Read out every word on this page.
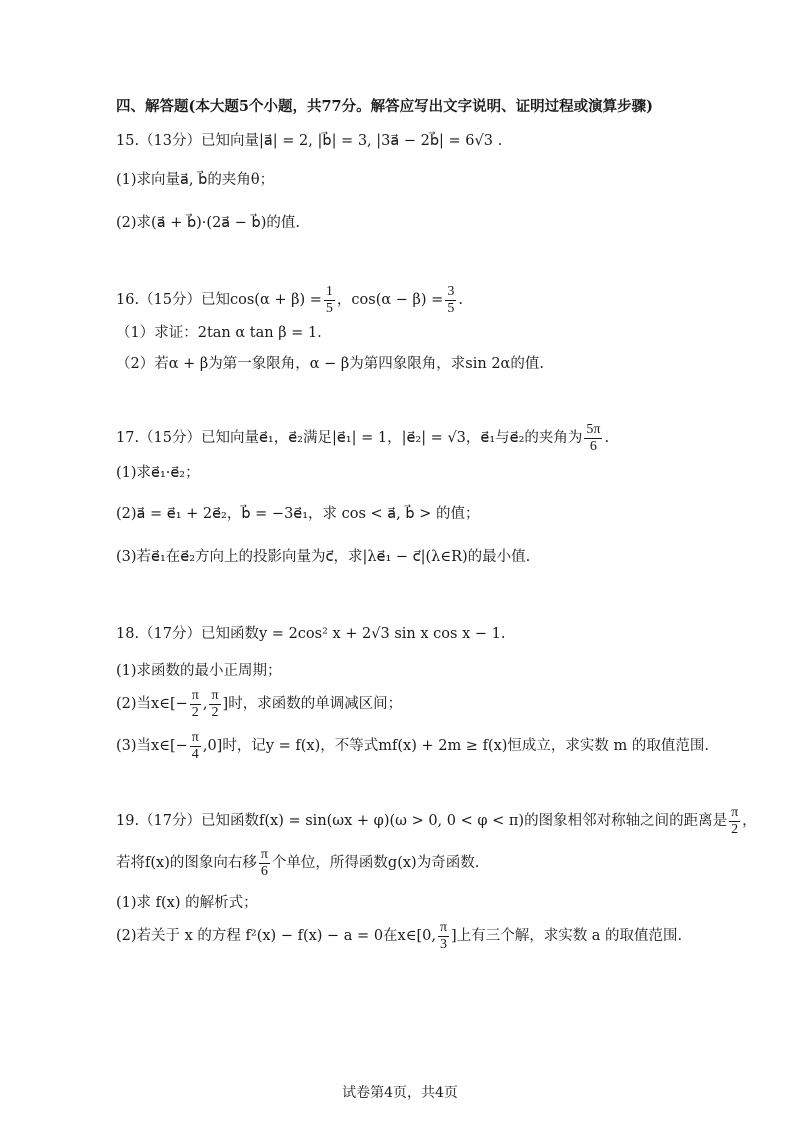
四、解答题(本大题5个小题，共77分。解答应写出文字说明、证明过程或演算步骤)
15.（13分）已知向量|a⃗| = 2, |b⃗| = 3, |3a⃗ − 2b⃗| = 6√3 .
(1)求向量a⃗, b⃗的夹角θ；
(2)求(a⃗ + b⃗)·(2a⃗ − b⃗)的值.
16.（15分）已知$\cos(\alpha + \beta) = \frac{1}{5}$ ，$\cos(\alpha - \beta) = \frac{3}{5}$ .
（1）求证：2tan α tan β = 1.
（2）若α + β为第一象限角，α − β为第四象限角，求sin 2α的值.
17.（15分）已知向量e⃗₁，e⃗₂满足|e⃗₁| = 1，|e⃗₂| = √3，e⃗₁与e⃗₂的夹角为 $\frac{5\pi}{6}$ .
(1)求e⃗₁·e⃗₂；
(2)a⃗ = e⃗₁ + 2e⃗₂，b⃗ = −3e⃗₁，求 cos < a⃗, b⃗ > 的值；
(3)若e⃗₁在e⃗₂方向上的投影向量为c⃗，求|λe⃗₁ − c⃗|(λ∈R)的最小值.
18.（17分）已知函数y = 2cos² x + 2√3 sin x cos x − 1.
(1)求函数的最小正周期；
(2)当x∈[− $\frac{\pi}{2}$ , $\frac{\pi}{2}$ ]时，求函数的单调减区间；
(3)当x∈[− $\frac{\pi}{4} ,0$]时，记y = f(x)，不等式mf(x) + 2m ≥ f(x)恒成立，求实数 m 的取值范围.
19.（17分）已知函数f(x) = sin(ωx + φ)(ω > 0, 0 < φ < π)的图象相邻对称轴之间的距离是 $\frac{\pi}{2}$ ，
若将f(x)的图象向右移 $\frac{\pi}{6}$ 个单位，所得函数g(x)为奇函数.
(1)求 f(x) 的解析式；
(2)若关于 x 的方程 f²(x) − f(x) − a = 0在x∈[0, $\frac{\pi}{3}$ ]上有三个解，求实数 a 的取值范围.
试卷第4页，共4页
